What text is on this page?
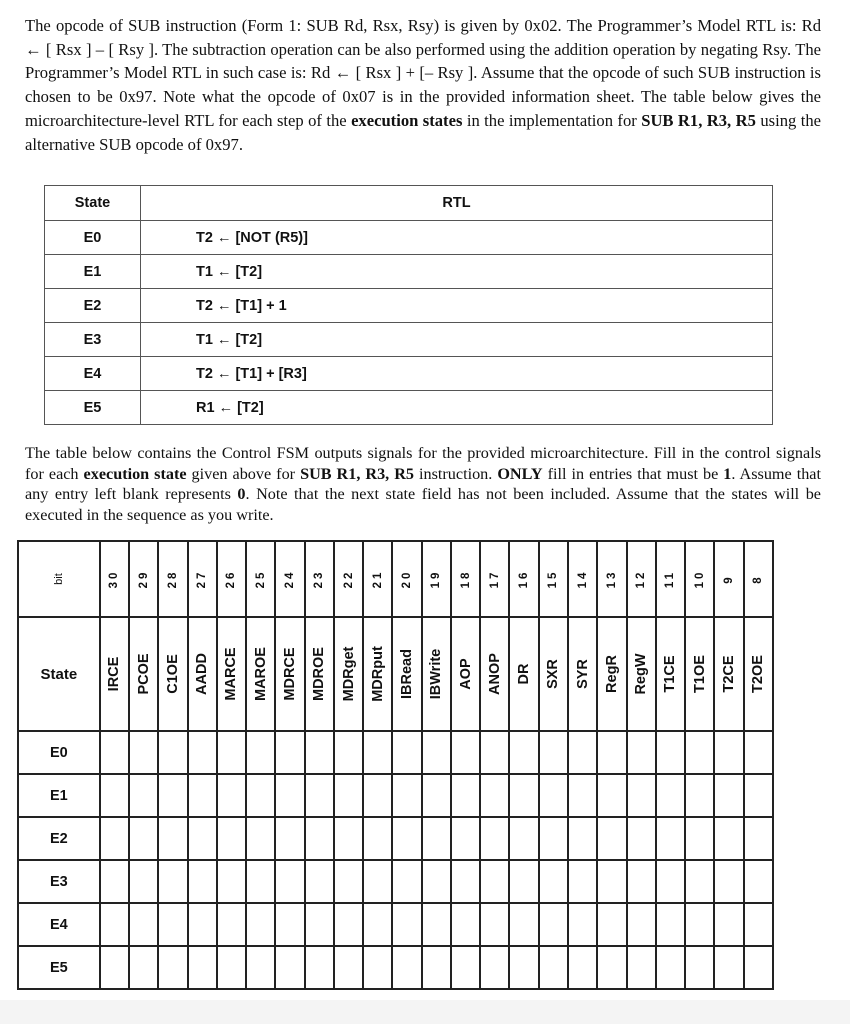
The opcode of SUB instruction (Form 1: SUB Rd, Rsx, Rsy) is given by 0x02. The Programmer’s Model RTL is: Rd ← [ Rsx ] – [ Rsy ]. The subtraction operation can be also performed using the addition operation by negating Rsy. The Programmer’s Model RTL in such case is: Rd ← [ Rsx ] + [– Rsy ]. Assume that the opcode of such SUB instruction is chosen to be 0x97. Note what the opcode of 0x07 is in the provided information sheet. The table below gives the microarchitecture-level RTL for each step of the execution states in the implementation for SUB R1, R3, R5 using the alternative SUB opcode of 0x97.

State	RTL
E0	T2 ← [NOT (R5)]
E1	T1 ← [T2]
E2	T2 ← [T1] + 1
E3	T1 ← [T2]
E4	T2 ← [T1] + [R3]
E5	R1 ← [T2]

The table below contains the Control FSM outputs signals for the provided microarchitecture. Fill in the control signals for each execution state given above for SUB R1, R3, R5 instruction. ONLY fill in entries that must be 1. Assume that any entry left blank represents 0. Note that the next state field has not been included. Assume that the states will be executed in the sequence as you write.

bit	30	29	28	27	26	25	24	23	22	21	20	19	18	17	16	15	14	13	12	11	10	9	8

State	IRCE	PCOE	C1OE	AADD	MARCE	MAROE	MDRCE	MDROE	MDRget	MDRput	IBRead	IBWrite	AOP	ANOP	DR	SXR	SYR	RegR	RegW	T1CE	T1OE	T2CE	T2OE

E0																							
E1																							
E2																							
E3																							
E4																							
E5																							
